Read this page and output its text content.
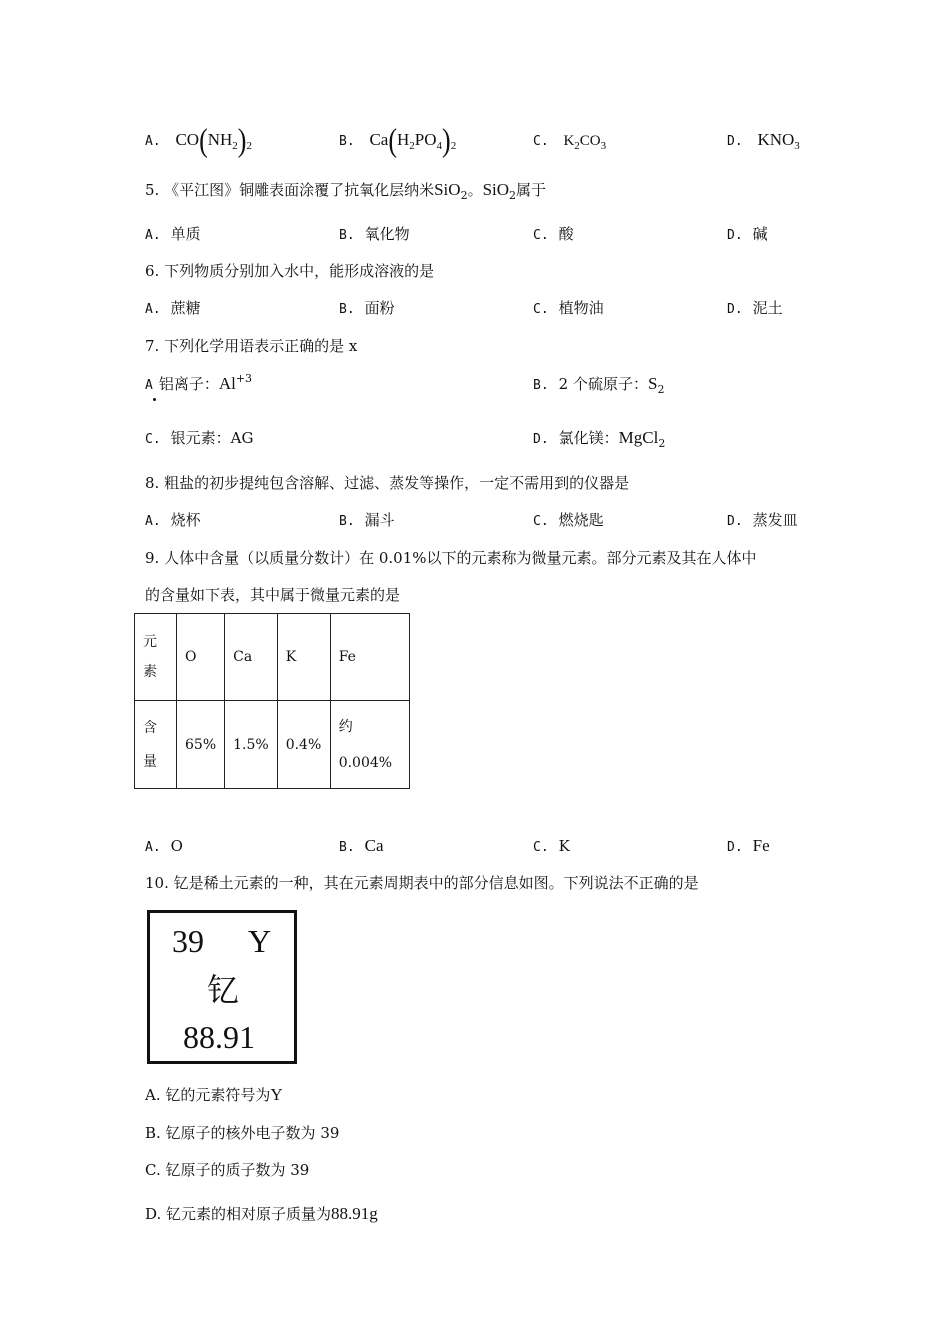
A. $CO(NH_2)_2$	B. $Ca(H_2PO_4)_2$	C. $K_2CO_3$	D. $KNO_3$
5. 《平江图》铜雕表面涂覆了抗氧化层纳米SiO$_2$。SiO$_2$属于
A. 单质	B. 氧化物	C. 酸	D. 碱
6. 下列物质分别加入水中，能形成溶液的是
A. 蔗糖	B. 面粉	C. 植物油	D. 泥土
7. 下列化学用语表示正确的是 x
A 铝离子：$Al^{+3}$	B. 2 个硫原子：$S_2$
C. 银元素：AG	D. 氯化镁：MgCl$_2$
8. 粗盐的初步提纯包含溶解、过滤、蒸发等操作，一定不需用到的仪器是
A. 烧杯	B. 漏斗	C. 燃烧匙	D. 蒸发皿
9. 人体中含量（以质量分数计）在 0.01%以下的元素称为微量元素。部分元素及其在人体中
的含量如下表，其中属于微量元素的是
元
素	O	Ca	K	Fe
含
量	65%	1.5%	0.4%	约
0.004%
A. O	B. Ca	C. K	D. Fe
10. 钇是稀土元素的一种，其在元素周期表中的部分信息如图。下列说法不正确的是
39 Y
钇
88.91
A. 钇的元素符号为Y
B. 钇原子的核外电子数为 39
C. 钇原子的质子数为 39
D. 钇元素的相对原子质量为88.91g
